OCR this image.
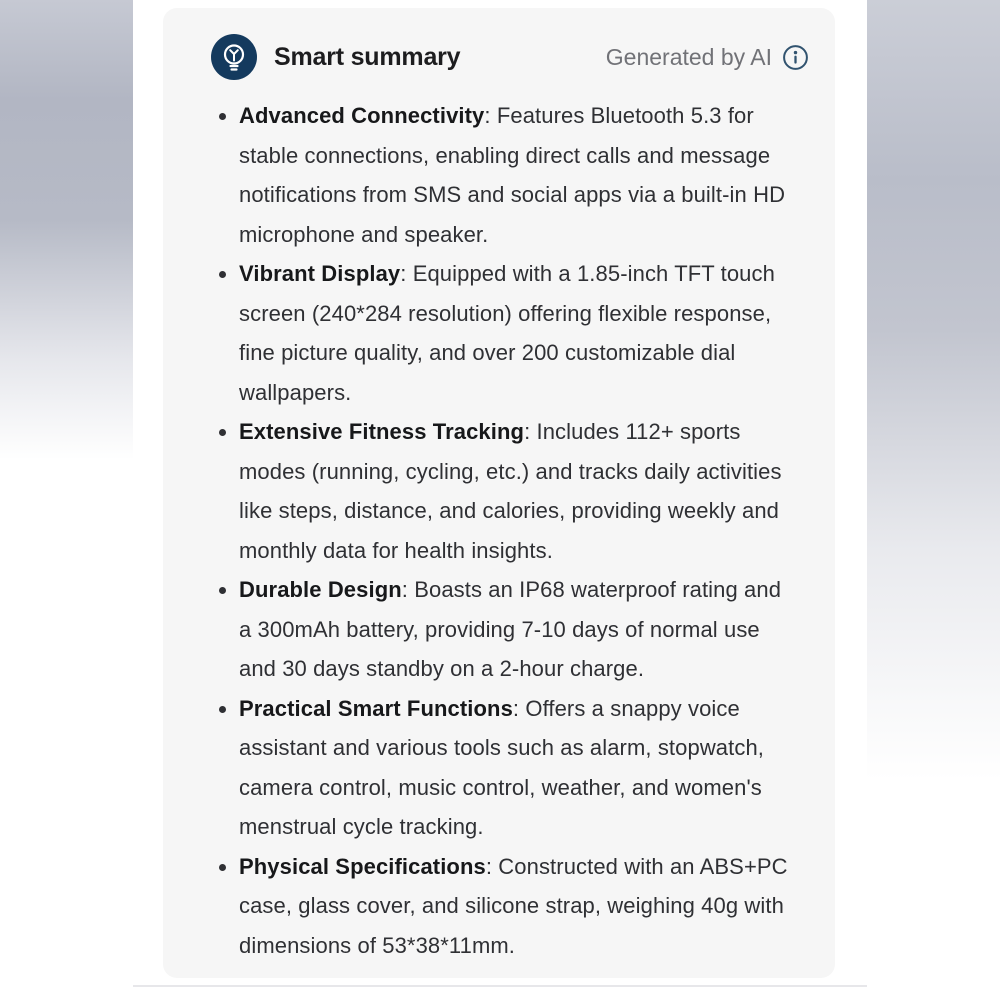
Smart summary	Generated by AI
• Advanced Connectivity: Features Bluetooth 5.3 for stable connections, enabling direct calls and message notifications from SMS and social apps via a built-in HD microphone and speaker.
• Vibrant Display: Equipped with a 1.85-inch TFT touch screen (240*284 resolution) offering flexible response, fine picture quality, and over 200 customizable dial wallpapers.
• Extensive Fitness Tracking: Includes 112+ sports modes (running, cycling, etc.) and tracks daily activities like steps, distance, and calories, providing weekly and monthly data for health insights.
• Durable Design: Boasts an IP68 waterproof rating and a 300mAh battery, providing 7-10 days of normal use and 30 days standby on a 2-hour charge.
• Practical Smart Functions: Offers a snappy voice assistant and various tools such as alarm, stopwatch, camera control, music control, weather, and women's menstrual cycle tracking.
• Physical Specifications: Constructed with an ABS+PC case, glass cover, and silicone strap, weighing 40g with dimensions of 53*38*11mm.
